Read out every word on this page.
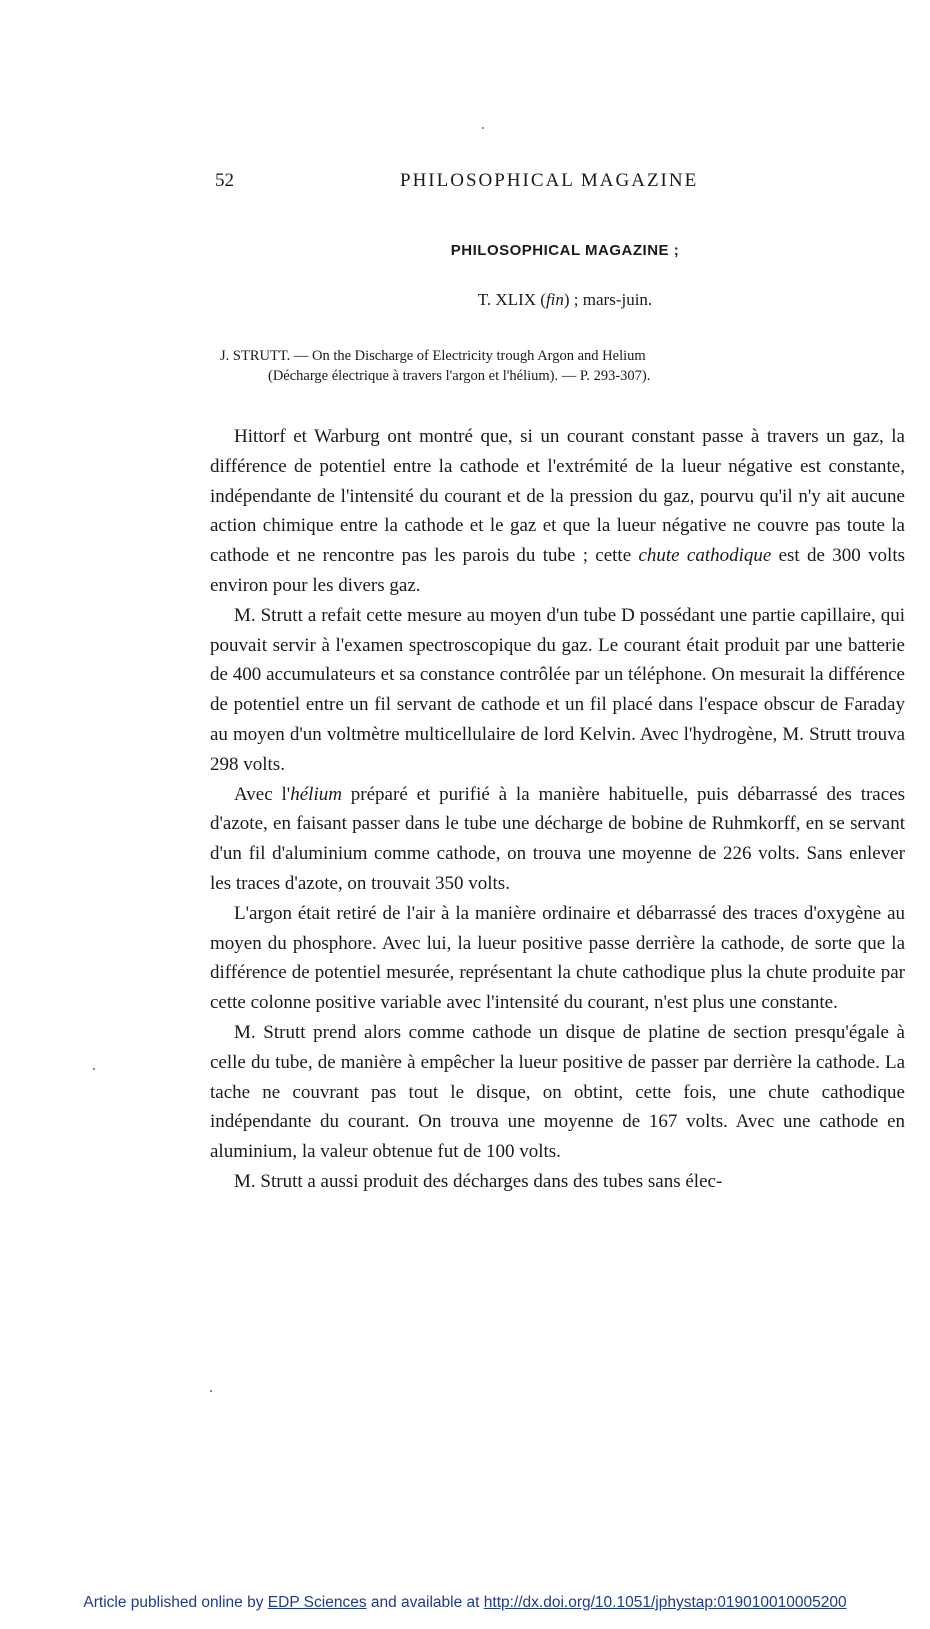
52	PHILOSOPHICAL MAGAZINE
PHILOSOPHICAL MAGAZINE ;
T. XLIX (fin) ; mars-juin.
J. STRUTT. — On the Discharge of Electricity trough Argon and Helium
(Décharge électrique à travers l'argon et l'hélium). — P. 293-307).

Hittorf et Warburg ont montré que, si un courant constant passe à travers un gaz, la différence de potentiel entre la cathode et l'extrémité de la lueur négative est constante, indépendante de l'intensité du courant et de la pression du gaz, pourvu qu'il n'y ait aucune action chimique entre la cathode et le gaz et que la lueur négative ne couvre pas toute la cathode et ne rencontre pas les parois du tube ; cette chute cathodique est de 300 volts environ pour les divers gaz.

M. Strutt a refait cette mesure au moyen d'un tube D possédant une partie capillaire, qui pouvait servir à l'examen spectroscopique du gaz. Le courant était produit par une batterie de 400 accumulateurs et sa constance contrôlée par un téléphone. On mesurait la différence de potentiel entre un fil servant de cathode et un fil placé dans l'espace obscur de Faraday au moyen d'un voltmètre multicellulaire de lord Kelvin. Avec l'hydrogène, M. Strutt trouva 298 volts.

Avec l'hélium préparé et purifié à la manière habituelle, puis débarrassé des traces d'azote, en faisant passer dans le tube une décharge de bobine de Ruhmkorff, en se servant d'un fil d'aluminium comme cathode, on trouva une moyenne de 226 volts. Sans enlever les traces d'azote, on trouvait 350 volts.

L'argon était retiré de l'air à la manière ordinaire et débarrassé des traces d'oxygène au moyen du phosphore. Avec lui, la lueur positive passe derrière la cathode, de sorte que la différence de potentiel mesurée, représentant la chute cathodique plus la chute produite par cette colonne positive variable avec l'intensité du courant, n'est plus une constante.

M. Strutt prend alors comme cathode un disque de platine de section presqu'égale à celle du tube, de manière à empêcher la lueur positive de passer par derrière la cathode. La tache ne couvrant pas tout le disque, on obtint, cette fois, une chute cathodique indépendante du courant. On trouva une moyenne de 167 volts. Avec une cathode en aluminium, la valeur obtenue fut de 100 volts.

M. Strutt a aussi produit des décharges dans des tubes sans élec-

Article published online by EDP Sciences and available at http://dx.doi.org/10.1051/jphystap:019010010005200
